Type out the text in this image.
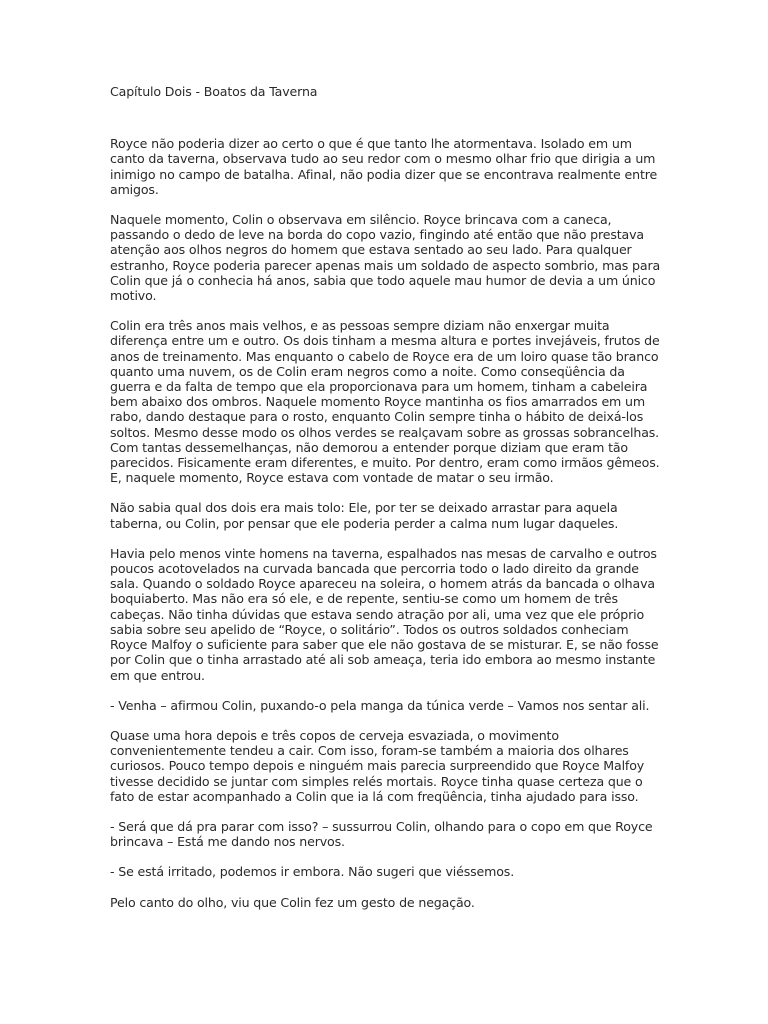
Capítulo Dois - Boatos da Taverna

Royce não poderia dizer ao certo o que é que tanto lhe atormentava. Isolado em um canto da taverna, observava tudo ao seu redor com o mesmo olhar frio que dirigia a um inimigo no campo de batalha. Afinal, não podia dizer que se encontrava realmente entre amigos.

Naquele momento, Colin o observava em silêncio. Royce brincava com a caneca, passando o dedo de leve na borda do copo vazio, fingindo até então que não prestava atenção aos olhos negros do homem que estava sentado ao seu lado. Para qualquer estranho, Royce poderia parecer apenas mais um soldado de aspecto sombrio, mas para Colin que já o conhecia há anos, sabia que todo aquele mau humor de devia a um único motivo.

Colin era três anos mais velhos, e as pessoas sempre diziam não enxergar muita diferença entre um e outro. Os dois tinham a mesma altura e portes invejáveis, frutos de anos de treinamento. Mas enquanto o cabelo de Royce era de um loiro quase tão branco quanto uma nuvem, os de Colin eram negros como a noite. Como conseqüência da guerra e da falta de tempo que ela proporcionava para um homem, tinham a cabeleira bem abaixo dos ombros. Naquele momento Royce mantinha os fios amarrados em um rabo, dando destaque para o rosto, enquanto Colin sempre tinha o hábito de deixá-los soltos. Mesmo desse modo os olhos verdes se realçavam sobre as grossas sobrancelhas. Com tantas dessemelhanças, não demorou a entender porque diziam que eram tão parecidos. Fisicamente eram diferentes, e muito. Por dentro, eram como irmãos gêmeos. E, naquele momento, Royce estava com vontade de matar o seu irmão.

Não sabia qual dos dois era mais tolo: Ele, por ter se deixado arrastar para aquela taberna, ou Colin, por pensar que ele poderia perder a calma num lugar daqueles.

Havia pelo menos vinte homens na taverna, espalhados nas mesas de carvalho e outros poucos acotovelados na curvada bancada que percorria todo o lado direito da grande sala. Quando o soldado Royce apareceu na soleira, o homem atrás da bancada o olhava boquiaberto. Mas não era só ele, e de repente, sentiu-se como um homem de três cabeças. Não tinha dúvidas que estava sendo atração por ali, uma vez que ele próprio sabia sobre seu apelido de “Royce, o solitário”. Todos os outros soldados conheciam Royce Malfoy o suficiente para saber que ele não gostava de se misturar. E, se não fosse por Colin que o tinha arrastado até ali sob ameaça, teria ido embora ao mesmo instante em que entrou.

- Venha – afirmou Colin, puxando-o pela manga da túnica verde – Vamos nos sentar ali.

Quase uma hora depois e três copos de cerveja esvaziada, o movimento convenientemente tendeu a cair. Com isso, foram-se também a maioria dos olhares curiosos. Pouco tempo depois e ninguém mais parecia surpreendido que Royce Malfoy tivesse decidido se juntar com simples relés mortais. Royce tinha quase certeza que o fato de estar acompanhado a Colin que ia lá com freqüência, tinha ajudado para isso.

- Será que dá pra parar com isso? – sussurrou Colin, olhando para o copo em que Royce brincava – Está me dando nos nervos.

- Se está irritado, podemos ir embora. Não sugeri que viéssemos.

Pelo canto do olho, viu que Colin fez um gesto de negação.
